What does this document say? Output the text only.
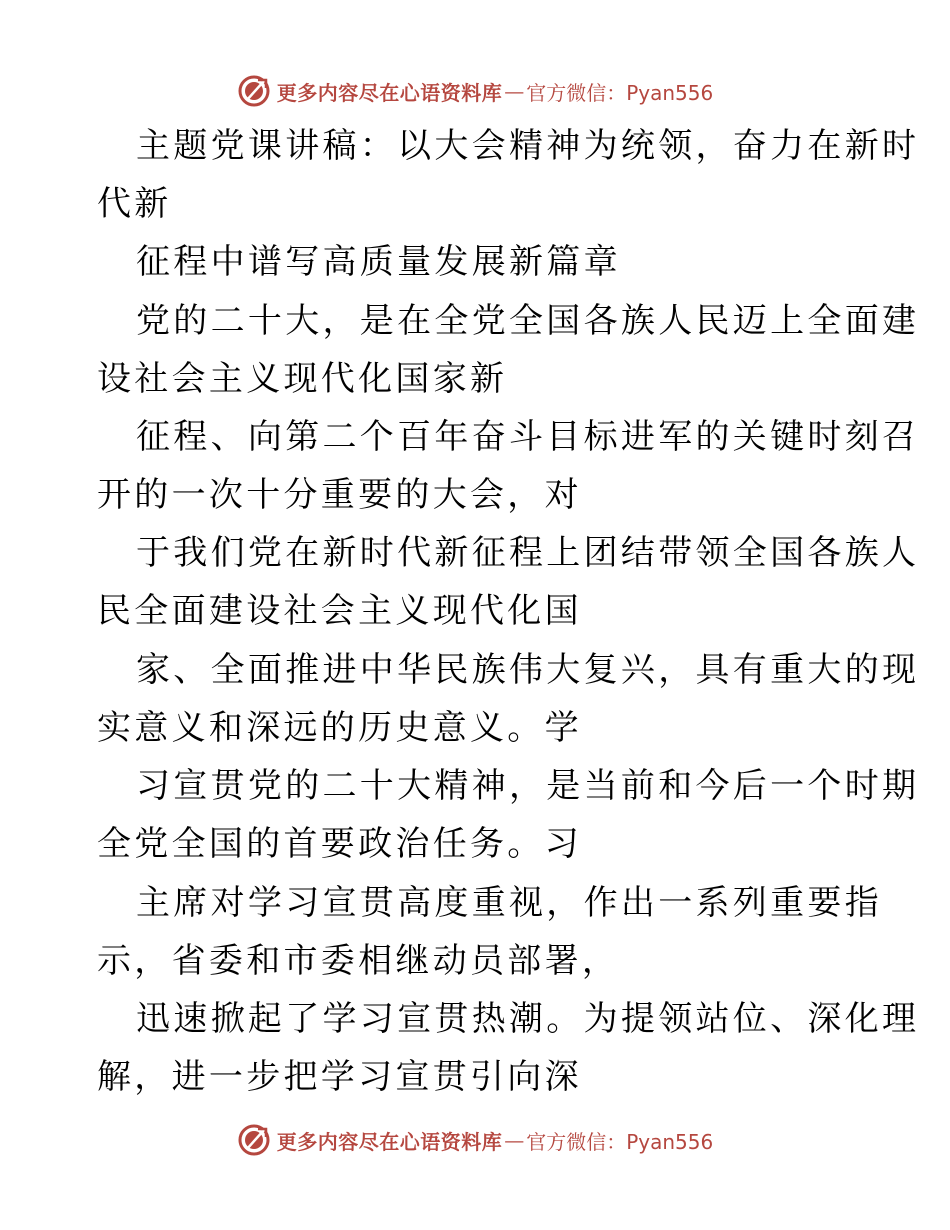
更多内容尽在心语资料库 — 官方微信：Pyan556
主题党课讲稿：以大会精神为统领，奋力在新时
代新
征程中谱写高质量发展新篇章
党的二十大，是在全党全国各族人民迈上全面建
设社会主义现代化国家新
征程、向第二个百年奋斗目标进军的关键时刻召
开的一次十分重要的大会，对
于我们党在新时代新征程上团结带领全国各族人
民全面建设社会主义现代化国
家、全面推进中华民族伟大复兴，具有重大的现
实意义和深远的历史意义。学
习宣贯党的二十大精神，是当前和今后一个时期
全党全国的首要政治任务。习
主席对学习宣贯高度重视，作出一系列重要指
示，省委和市委相继动员部署，
迅速掀起了学习宣贯热潮。为提领站位、深化理
解，进一步把学习宣贯引向深
更多内容尽在心语资料库 — 官方微信：Pyan556
